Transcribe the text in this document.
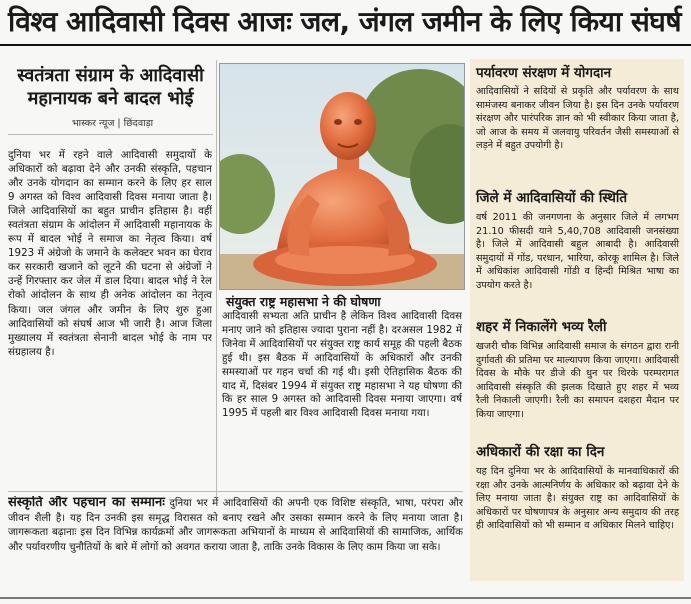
विश्व आदिवासी दिवस आजः जल, जंगल जमीन के लिए किया संघर्ष
स्वतंत्रता संग्राम के आदिवासी
महानायक बने बादल भोई
भास्कर न्यूज | छिंदवाड़ा
दुनिया भर में रहने वाले आदिवासी समुदायों के अधिकारों को बढ़ावा देने और उनकी संस्कृति, पहचान और उनके योगदान का सम्मान करने के लिए हर साल 9 अगस्त को विश्व आदिवासी दिवस मनाया जाता है। जिले आदिवासियों का बहुत प्राचीन इतिहास है। वहीं स्वतंत्रता संग्राम के आंदोलन में आदिवासी महानायक के रूप में बादल भोई ने समाज का नेतृत्व किया। वर्ष 1923 में अंग्रेजो के जमाने के कलेक्टर भवन का घेराव कर सरकारी खजाने को लूटने की घटना से अंग्रेजों ने उन्हें गिरफ्तार कर जेल में डाल दिया। बादल भोई ने रेल रोको आंदोलन के साथ ही अनेक आंदोलन का नेतृत्व किया। जल जंगल और जमीन के लिए शुरु हुआ आदिवासियों को संघर्ष आज भी जारी है। आज जिला मुख्यालय में स्वतंत्रता सेनानी बादल भोई के नाम पर संग्रहालय है।
संयुक्त राष्ट्र महासभा ने की घोषणा
आदिवासी सभ्यता अति प्राचीन है लेकिन विश्व आदिवासी दिवस मनाए जाने को इतिहास ज्यादा पुराना नहीं है। दरअसल 1982 में जिनेवा में आदिवासियों पर संयुक्त राष्ट्र कार्य समूह की पहली बैठक हुई थी। इस बैठक में आदिवासियों के अधिकारों और उनकी समस्याओं पर गहन चर्चा की गई थी। इसी ऐतिहासिक बैठक की याद में, दिसंबर 1994 में संयुक्त राष्ट्र महासभा ने यह घोषणा की कि हर साल 9 अगस्त को आदिवासी दिवस मनाया जाएगा। वर्ष 1995 में पहली बार विश्व आदिवासी दिवस मनाया गया।
संस्कृति और पहचान का सम्मानः दुनिया भर में आदिवासियों की अपनी एक विशिष्ट संस्कृति, भाषा, परंपरा और जीवन शैली है। यह दिन उनकी इस समृद्ध विरासत को बनाए रखने और उसका सम्मान करने के लिए मनाया जाता है। जागरूकता बढ़ानाः इस दिन विभिन्न कार्यक्रमों और जागरूकता अभियानों के माध्यम से आदिवासियों की सामाजिक, आर्थिक और पर्यावरणीय चुनौतियों के बारे में लोगों को अवगत कराया जाता है, ताकि उनके विकास के लिए काम किया जा सके।
पर्यावरण संरक्षण में योगदान
आदिवासियों ने सदियों से प्रकृति और पर्यावरण के साथ सामंजस्य बनाकर जीवन जिया है। इस दिन उनके पर्यावरण संरक्षण और पारंपरिक ज्ञान को भी स्वीकार किया जाता है, जो आज के समय में जलवायु परिवर्तन जैसी समस्याओं से लड़ने में बहुत उपयोगी है।
जिले में आदिवासियों की स्थिति
वर्ष 2011 की जनगणना के अनुसार जिले में लगभग 21.10 फीसदी याने 5,40,708 आदिवासी जनसंख्या है। जिले में आदिवासी बहुल आबादी है। आदिवासी समुदायों में गोंड, परधान, भारिया, कोरकू शामिल है। जिले में अधिकांश आदिवासी गोंडी व हिन्दी मिश्रित भाषा का उपयोग करते है।
शहर में निकालेंगे भव्य रैली
खजरी चौक विभिन्न आदिवासी समाज के संगठन द्वारा रानी दुर्गावती की प्रतिमा पर माल्यापण किया जाएगा। आदिवासी दिवस के मौके पर डीजे की धुन पर थिरके परम्परागत आदिवासी संस्कृति की झलक दिखाते हुए शहर में भव्य रैली निकाली जाएगी। रैली का समापन दशहरा मैदान पर किया जाएगा।
अधिकारों की रक्षा का दिन
यह दिन दुनिया भर के आदिवासियों के मानवाधिकारों की रक्षा और उनके आत्मनिर्णय के अधिकार को बढ़ावा देने के लिए मनाया जाता है। संयुक्त राष्ट्र का आदिवासियों के अधिकारों पर घोषणापत्र के अनुसार अन्य समुदाय की तरह ही आदिवासियों को भी सम्मान व अधिकार मिलने चाहिए।
